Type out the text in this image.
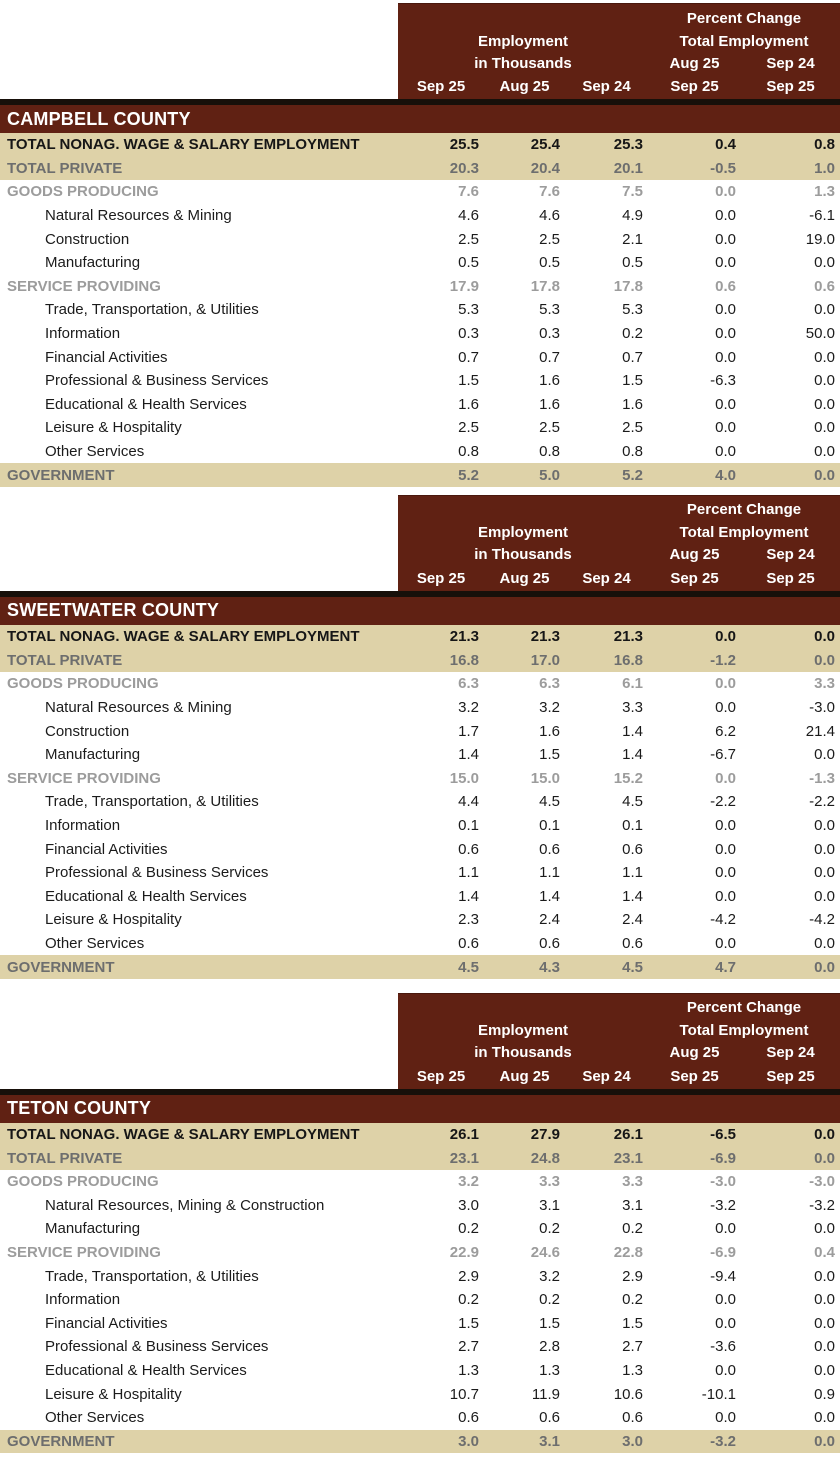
Percent Change
Employment	Total Employment
in Thousands	Aug 25	Sep 24
Sep 25	Aug 25	Sep 24	Sep 25	Sep 25
CAMPBELL COUNTY
TOTAL NONAG. WAGE & SALARY EMPLOYMENT	25.5	25.4	25.3	0.4	0.8
TOTAL PRIVATE	20.3	20.4	20.1	-0.5	1.0
GOODS PRODUCING	7.6	7.6	7.5	0.0	1.3
Natural Resources & Mining	4.6	4.6	4.9	0.0	-6.1
Construction	2.5	2.5	2.1	0.0	19.0
Manufacturing	0.5	0.5	0.5	0.0	0.0
SERVICE PROVIDING	17.9	17.8	17.8	0.6	0.6
Trade, Transportation, & Utilities	5.3	5.3	5.3	0.0	0.0
Information	0.3	0.3	0.2	0.0	50.0
Financial Activities	0.7	0.7	0.7	0.0	0.0
Professional & Business Services	1.5	1.6	1.5	-6.3	0.0
Educational & Health Services	1.6	1.6	1.6	0.0	0.0
Leisure & Hospitality	2.5	2.5	2.5	0.0	0.0
Other Services	0.8	0.8	0.8	0.0	0.0
GOVERNMENT	5.2	5.0	5.2	4.0	0.0
Percent Change
Employment	Total Employment
in Thousands	Aug 25	Sep 24
Sep 25	Aug 25	Sep 24	Sep 25	Sep 25
SWEETWATER COUNTY
TOTAL NONAG. WAGE & SALARY EMPLOYMENT	21.3	21.3	21.3	0.0	0.0
TOTAL PRIVATE	16.8	17.0	16.8	-1.2	0.0
GOODS PRODUCING	6.3	6.3	6.1	0.0	3.3
Natural Resources & Mining	3.2	3.2	3.3	0.0	-3.0
Construction	1.7	1.6	1.4	6.2	21.4
Manufacturing	1.4	1.5	1.4	-6.7	0.0
SERVICE PROVIDING	15.0	15.0	15.2	0.0	-1.3
Trade, Transportation, & Utilities	4.4	4.5	4.5	-2.2	-2.2
Information	0.1	0.1	0.1	0.0	0.0
Financial Activities	0.6	0.6	0.6	0.0	0.0
Professional & Business Services	1.1	1.1	1.1	0.0	0.0
Educational & Health Services	1.4	1.4	1.4	0.0	0.0
Leisure & Hospitality	2.3	2.4	2.4	-4.2	-4.2
Other Services	0.6	0.6	0.6	0.0	0.0
GOVERNMENT	4.5	4.3	4.5	4.7	0.0
Percent Change
Employment	Total Employment
in Thousands	Aug 25	Sep 24
Sep 25	Aug 25	Sep 24	Sep 25	Sep 25
TETON COUNTY
TOTAL NONAG. WAGE & SALARY EMPLOYMENT	26.1	27.9	26.1	-6.5	0.0
TOTAL PRIVATE	23.1	24.8	23.1	-6.9	0.0
GOODS PRODUCING	3.2	3.3	3.3	-3.0	-3.0
Natural Resources, Mining & Construction	3.0	3.1	3.1	-3.2	-3.2
Manufacturing	0.2	0.2	0.2	0.0	0.0
SERVICE PROVIDING	22.9	24.6	22.8	-6.9	0.4
Trade, Transportation, & Utilities	2.9	3.2	2.9	-9.4	0.0
Information	0.2	0.2	0.2	0.0	0.0
Financial Activities	1.5	1.5	1.5	0.0	0.0
Professional & Business Services	2.7	2.8	2.7	-3.6	0.0
Educational & Health Services	1.3	1.3	1.3	0.0	0.0
Leisure & Hospitality	10.7	11.9	10.6	-10.1	0.9
Other Services	0.6	0.6	0.6	0.0	0.0
GOVERNMENT	3.0	3.1	3.0	-3.2	0.0
